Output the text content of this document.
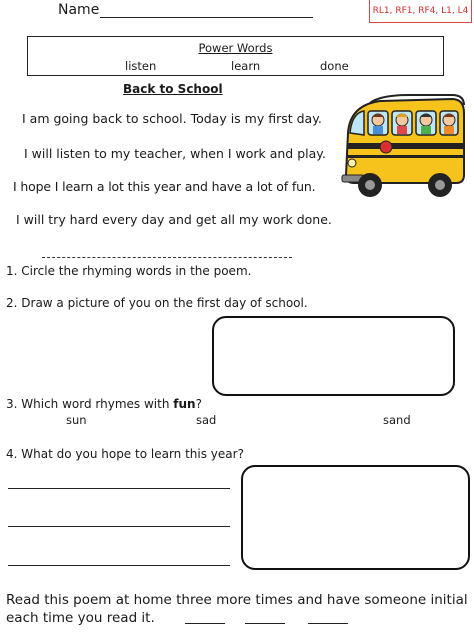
Name	RL1, RF1, RF4, L1, L4
Power Words
listen	learn	done
Back to School
I am going back to school. Today is my first day.
I will listen to my teacher, when I work and play.
I hope I learn a lot this year and have a lot of fun.
I will try hard every day and get all my work done.
1. Circle the rhyming words in the poem.
2. Draw a picture of you on the first day of school.
3. Which word rhymes with fun?
sun	sad	sand
4. What do you hope to learn this year?
Read this poem at home three more times and have someone initial
each time you read it.
